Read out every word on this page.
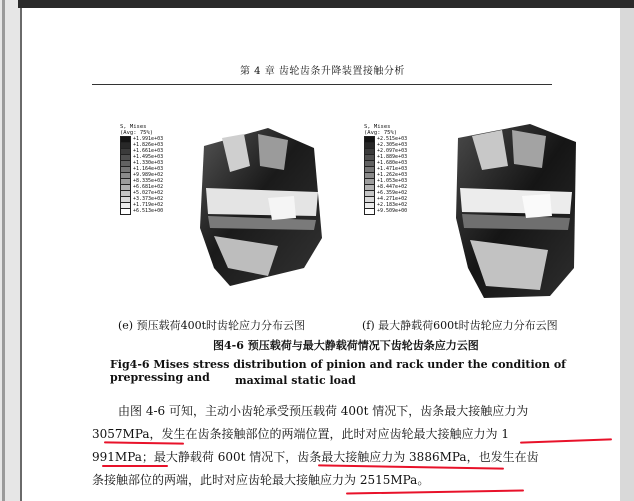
第 4 章 齿轮齿条升降装置接触分析
S, Mises
(Avg: 75%)
+1.991e+03
+1.826e+03
+1.661e+03
+1.495e+03
+1.330e+03
+1.164e+03
+9.989e+02
+8.335e+02
+6.681e+02
+5.027e+02
+3.373e+02
+1.719e+02
+6.513e+00
(e) 预压载荷400t时齿轮应力分布云图
S, Mises
(Avg: 75%)
+2.515e+03
+2.305e+03
+2.097e+03
+1.889e+03
+1.680e+03
+1.471e+03
+1.262e+03
+1.053e+03
+8.447e+02
+6.359e+02
+4.271e+02
+2.183e+02
+9.509e+00
(f) 最大静载荷600t时齿轮应力分布云图
图4-6 预压载荷与最大静载荷情况下齿轮齿条应力云图
Fig4-6 Mises stress distribution of pinion and rack under the condition of prepressing and	maximal static load
由图 4-6 可知，主动小齿轮承受预压载荷 400t 情况下，齿条最大接触应力为
3057MPa，发生在齿条接触部位的两端位置，此时对应齿轮最大接触应力为 1
991MPa；最大静载荷 600t 情况下，齿条最大接触应力为 3886MPa，也发生在齿
条接触部位的两端，此时对应齿轮最大接触应力为 2515MPa。
